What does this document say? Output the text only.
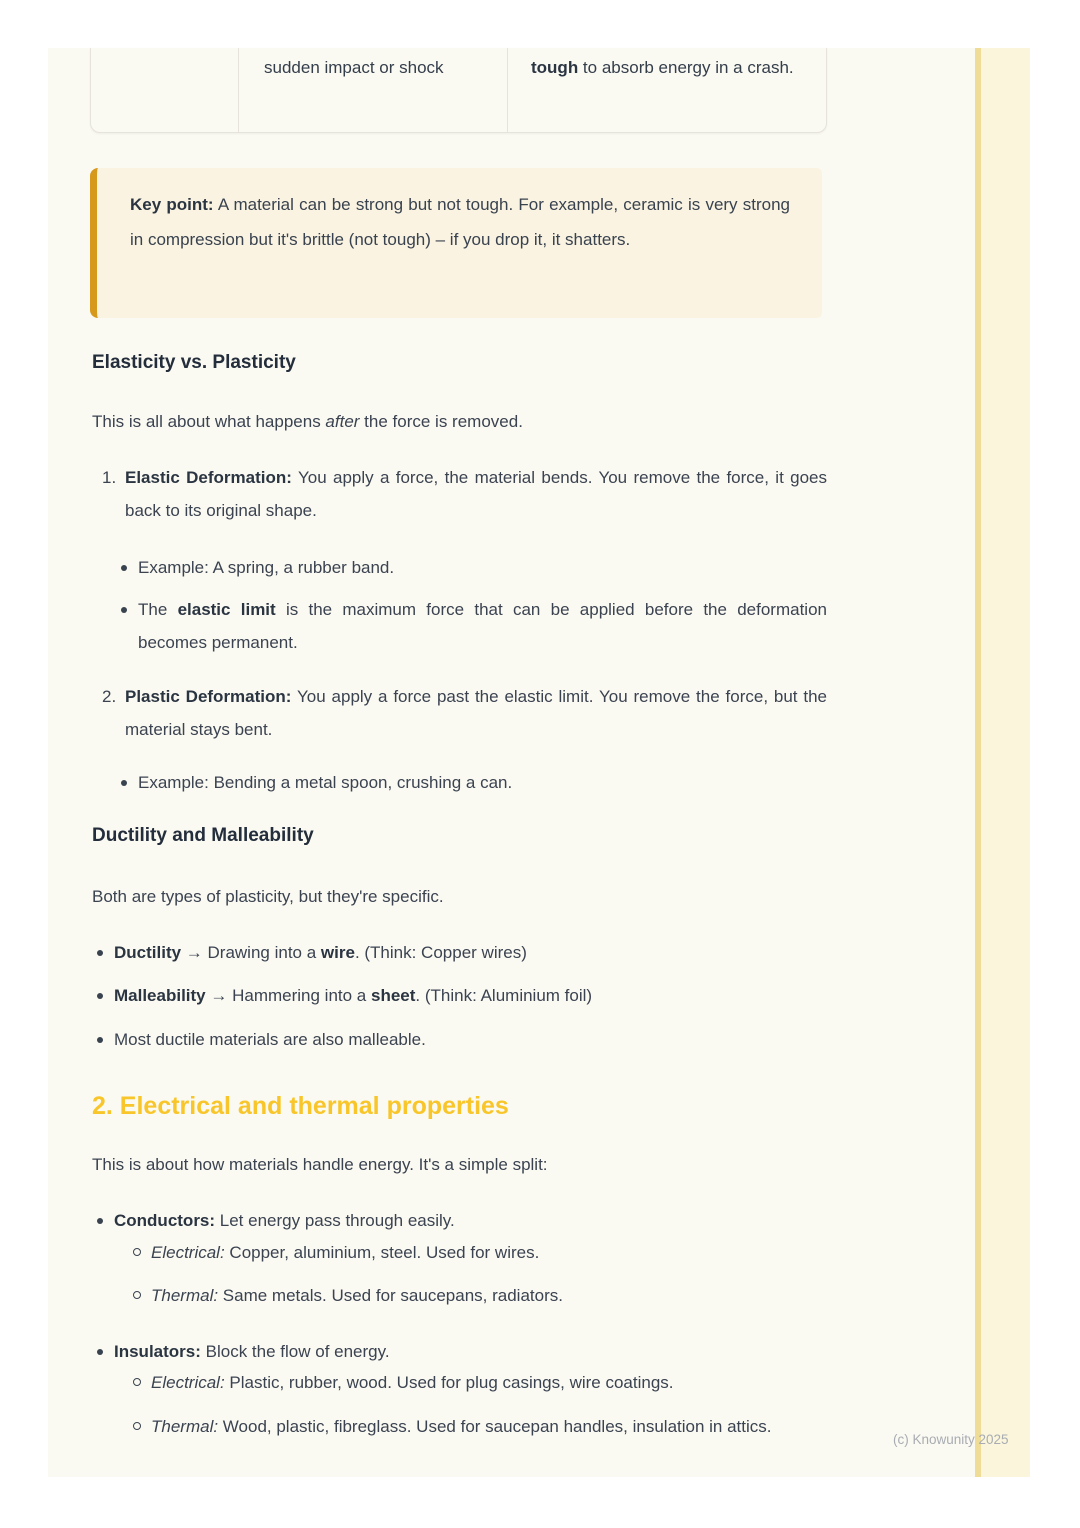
sudden impact or shock	tough to absorb energy in a crash.
Key point: A material can be strong but not tough. For example, ceramic is very strong in compression but it's brittle (not tough) – if you drop it, it shatters.
Elasticity vs. Plasticity

This is all about what happens after the force is removed.

1. Elastic Deformation: You apply a force, the material bends. You remove the force, it goes back to its original shape.
Example: A spring, a rubber band.
The elastic limit is the maximum force that can be applied before the deformation becomes permanent.
2. Plastic Deformation: You apply a force past the elastic limit. You remove the force, but the material stays bent.
Example: Bending a metal spoon, crushing a can.
Ductility and Malleability

Both are types of plasticity, but they're specific.

Ductility → Drawing into a wire. (Think: Copper wires)
Malleability → Hammering into a sheet. (Think: Aluminium foil)
Most ductile materials are also malleable.
2. Electrical and thermal properties

This is about how materials handle energy. It's a simple split:

Conductors: Let energy pass through easily.
Electrical: Copper, aluminium, steel. Used for wires.
Thermal: Same metals. Used for saucepans, radiators.
Insulators: Block the flow of energy.
Electrical: Plastic, rubber, wood. Used for plug casings, wire coatings.
Thermal: Wood, plastic, fibreglass. Used for saucepan handles, insulation in attics.
(c) Knowunity 2025
